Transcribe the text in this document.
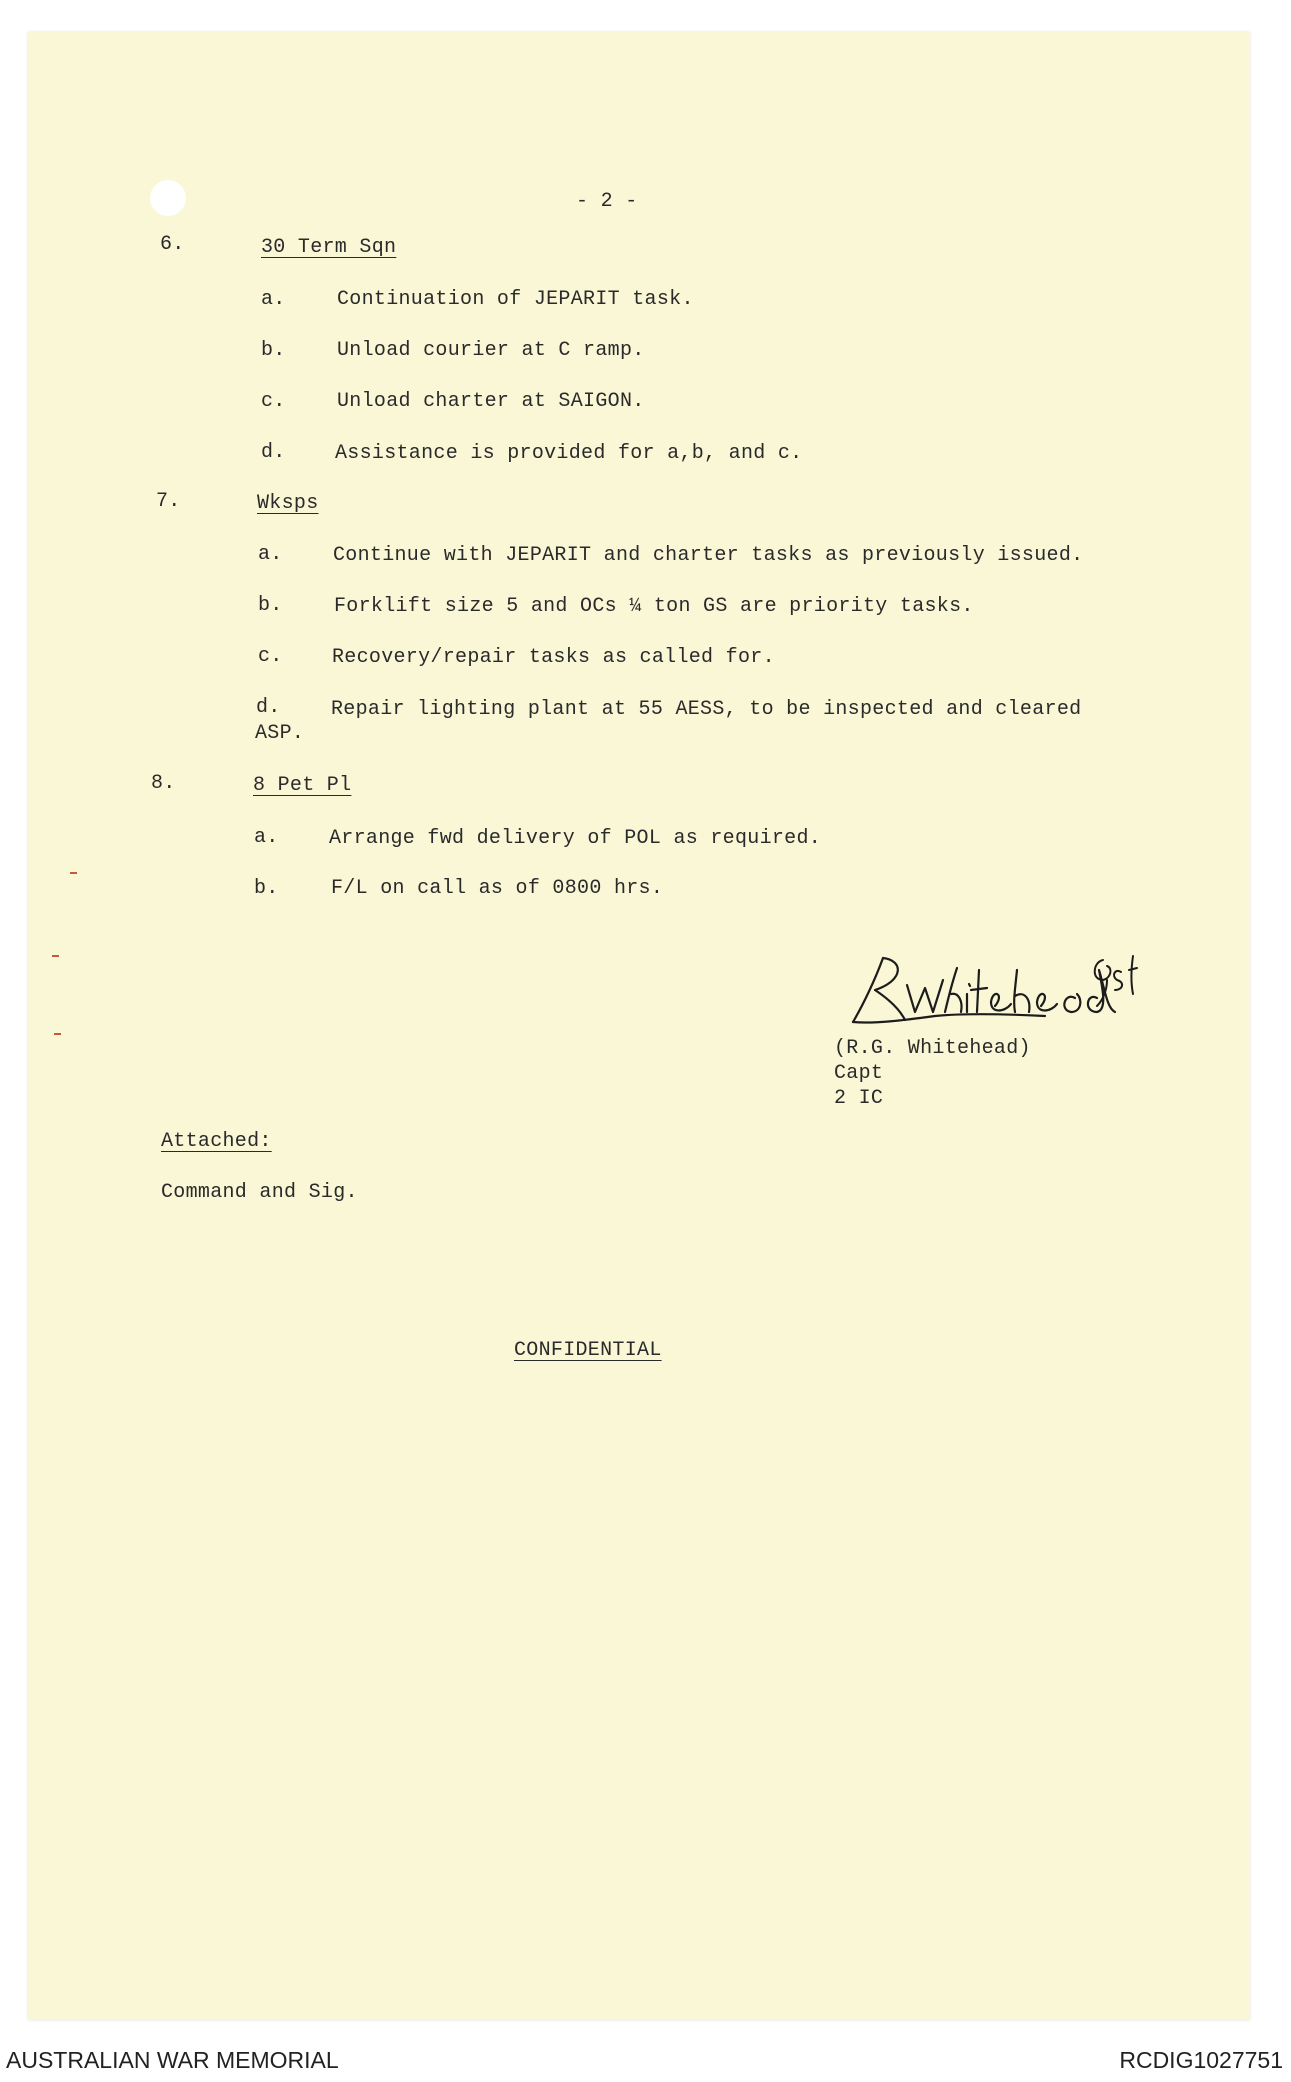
- 2 -
6.	30 Term Sqn
a.	Continuation of JEPARIT task.
b.	Unload courier at C ramp.
c.	Unload charter at SAIGON.
d. Assistance is provided for a,b, and c.
7.	Wksps
a.	Continue with JEPARIT and charter tasks as previously issued.
b.	Forklift size 5 and OCs ¼ ton GS are priority tasks.
c. Recovery/repair tasks as called for.
d.	Repair lighting plant at 55 AESS, to be inspected and cleared
ASP.
8.	8 Pet Pl
a.	Arrange fwd delivery of POL as required.
b.	F/L on call as of 0800 hrs.
(R.G. Whitehead)
Capt
2 IC
Attached:
Command and Sig.
CONFIDENTIAL
AUSTRALIAN WAR MEMORIAL	RCDIG1027751
